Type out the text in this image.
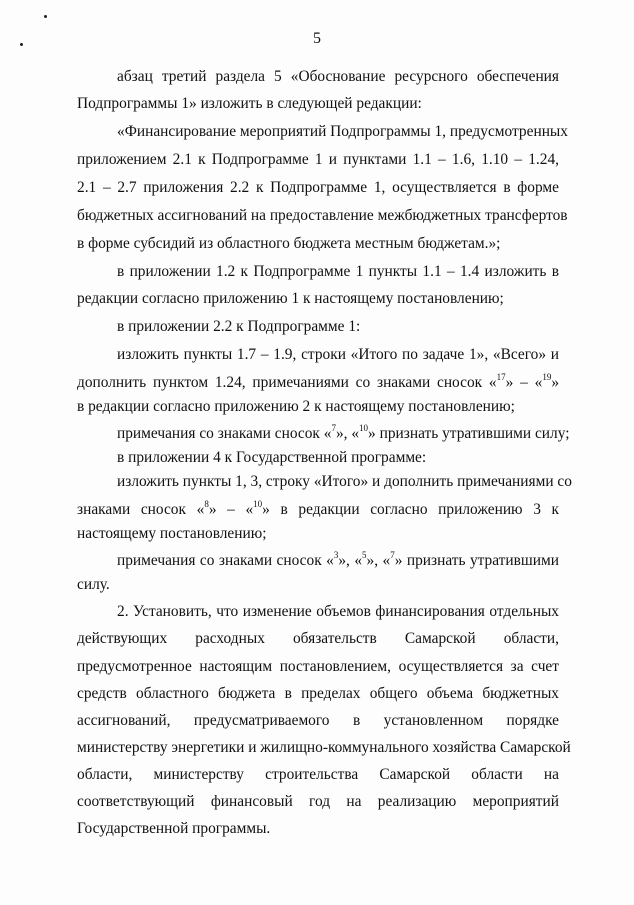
5
абзац третий раздела 5 «Обоснование ресурсного обеспечения
Подпрограммы 1» изложить в следующей редакции:
«Финансирование мероприятий Подпрограммы 1, предусмотренных
приложением 2.1 к Подпрограмме 1 и пунктами 1.1 – 1.6, 1.10 – 1.24,
2.1 – 2.7 приложения 2.2 к Подпрограмме 1, осуществляется в форме
бюджетных ассигнований на предоставление межбюджетных трансфертов
в форме субсидий из областного бюджета местным бюджетам.»;
в приложении 1.2 к Подпрограмме 1 пункты 1.1 – 1.4 изложить в
редакции согласно приложению 1 к настоящему постановлению;
в приложении 2.2 к Подпрограмме 1:
изложить пункты 1.7 – 1.9, строки «Итого по задаче 1», «Всего» и
дополнить пунктом 1.24, примечаниями со знаками сносок «$^{17}$» – «$^{19}$»
в редакции согласно приложению 2 к настоящему постановлению;
примечания со знаками сносок «$^7$», «$^{10}$» признать утратившими силу;
в приложении 4 к Государственной программе:
изложить пункты 1, 3, строку «Итого» и дополнить примечаниями со
знаками сносок «$^8$» – «$^{10}$» в редакции согласно приложению 3 к
настоящему постановлению;
примечания со знаками сносок «$^3$», «$^5$», «$^7$» признать утратившими
силу.
2. Установить, что изменение объемов финансирования отдельных
действующих расходных обязательств Самарской области,
предусмотренное настоящим постановлением, осуществляется за счет
средств областного бюджета в пределах общего объема бюджетных
ассигнований, предусматриваемого в установленном порядке
министерству энергетики и жилищно-коммунального хозяйства Самарской
области, министерству строительства Самарской области на
соответствующий финансовый год на реализацию мероприятий
Государственной программы.
